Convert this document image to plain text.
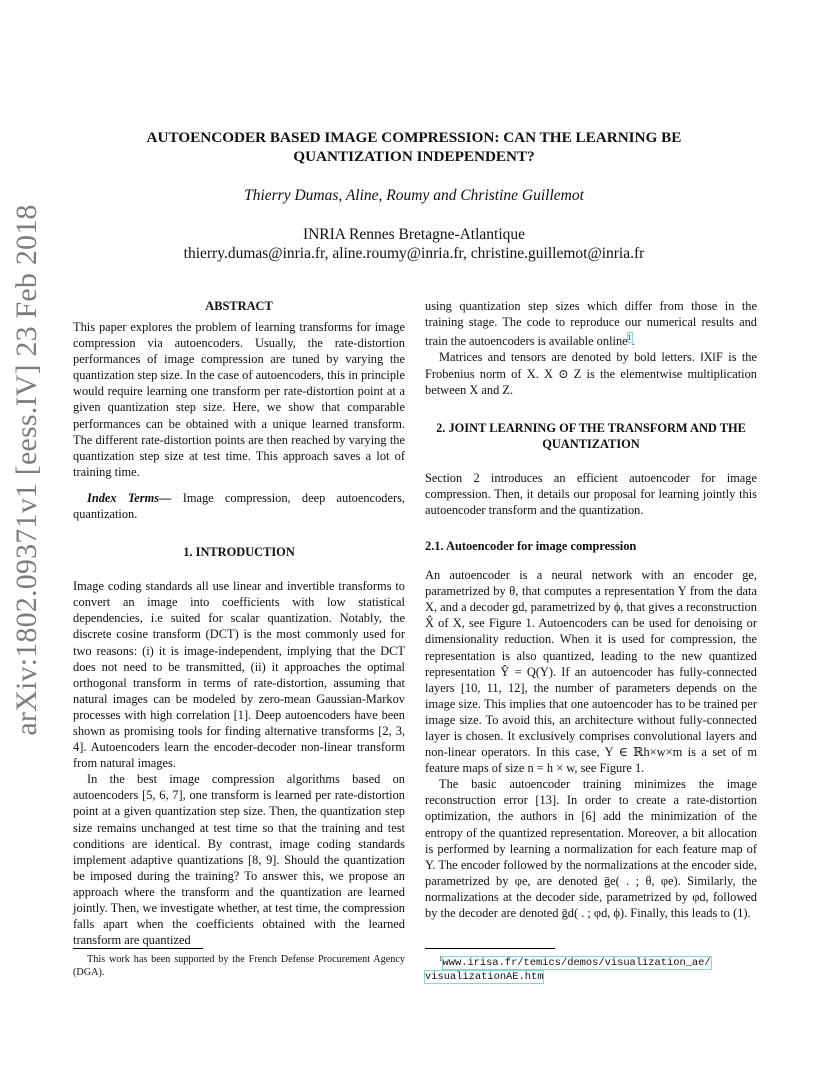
arXiv:1802.09371v1 [eess.IV] 23 Feb 2018
AUTOENCODER BASED IMAGE COMPRESSION: CAN THE LEARNING BE QUANTIZATION INDEPENDENT?
Thierry Dumas, Aline, Roumy and Christine Guillemot
INRIA Rennes Bretagne-Atlantique
thierry.dumas@inria.fr, aline.roumy@inria.fr, christine.guillemot@inria.fr
ABSTRACT

This paper explores the problem of learning transforms for image compression via autoencoders. Usually, the rate-distortion performances of image compression are tuned by varying the quantization step size. In the case of autoencoders, this in principle would require learning one transform per rate-distortion point at a given quantization step size. Here, we show that comparable performances can be obtained with a unique learned transform. The different rate-distortion points are then reached by varying the quantization step size at test time. This approach saves a lot of training time.

Index Terms— Image compression, deep autoencoders, quantization.

1. INTRODUCTION

Image coding standards all use linear and invertible transforms to convert an image into coefficients with low statistical dependencies, i.e suited for scalar quantization. Notably, the discrete cosine transform (DCT) is the most commonly used for two reasons: (i) it is image-independent, implying that the DCT does not need to be transmitted, (ii) it approaches the optimal orthogonal transform in terms of rate-distortion, assuming that natural images can be modeled by zero-mean Gaussian-Markov processes with high correlation [1]. Deep autoencoders have been shown as promising tools for finding alternative transforms [2, 3, 4]. Autoencoders learn the encoder-decoder non-linear transform from natural images.

In the best image compression algorithms based on autoencoders [5, 6, 7], one transform is learned per rate-distortion point at a given quantization step size. Then, the quantization step size remains unchanged at test time so that the training and test conditions are identical. By contrast, image coding standards implement adaptive quantizations [8, 9]. Should the quantization be imposed during the training? To answer this, we propose an approach where the transform and the quantization are learned jointly. Then, we investigate whether, at test time, the compression falls apart when the coefficients obtained with the learned transform are quantized

This work has been supported by the French Defense Procurement Agency (DGA).

using quantization step sizes which differ from those in the training stage. The code to reproduce our numerical results and train the autoencoders is available online$^1$.

Matrices and tensors are denoted by bold letters. ‖X‖F is the Frobenius norm of X. X ⊙ Z is the elementwise multiplication between X and Z.

2. JOINT LEARNING OF THE TRANSFORM AND THE QUANTIZATION

Section 2 introduces an efficient autoencoder for image compression. Then, it details our proposal for learning jointly this autoencoder transform and the quantization.

2.1. Autoencoder for image compression

An autoencoder is a neural network with an encoder ge, parametrized by θ, that computes a representation Y from the data X, and a decoder gd, parametrized by ϕ, that gives a reconstruction X̂ of X, see Figure 1. Autoencoders can be used for denoising or dimensionality reduction. When it is used for compression, the representation is also quantized, leading to the new quantized representation Ŷ = Q(Y). If an autoencoder has fully-connected layers [10, 11, 12], the number of parameters depends on the image size. This implies that one autoencoder has to be trained per image size. To avoid this, an architecture without fully-connected layer is chosen. It exclusively comprises convolutional layers and non-linear operators. In this case, Y ∈ ℝh×w×m is a set of m feature maps of size n = h × w, see Figure 1.

The basic autoencoder training minimizes the image reconstruction error [13]. In order to create a rate-distortion optimization, the authors in [6] add the minimization of the entropy of the quantized representation. Moreover, a bit allocation is performed by learning a normalization for each feature map of Y. The encoder followed by the normalizations at the encoder side, parametrized by φe, are denoted ḡe( . ; θ, φe). Similarly, the normalizations at the decoder side, parametrized by φd, followed by the decoder are denoted ḡd( . ; φd, ϕ). Finally, this leads to (1).

$^1$www.irisa.fr/temics/demos/visualization_ae/

visualizationAE.htm
